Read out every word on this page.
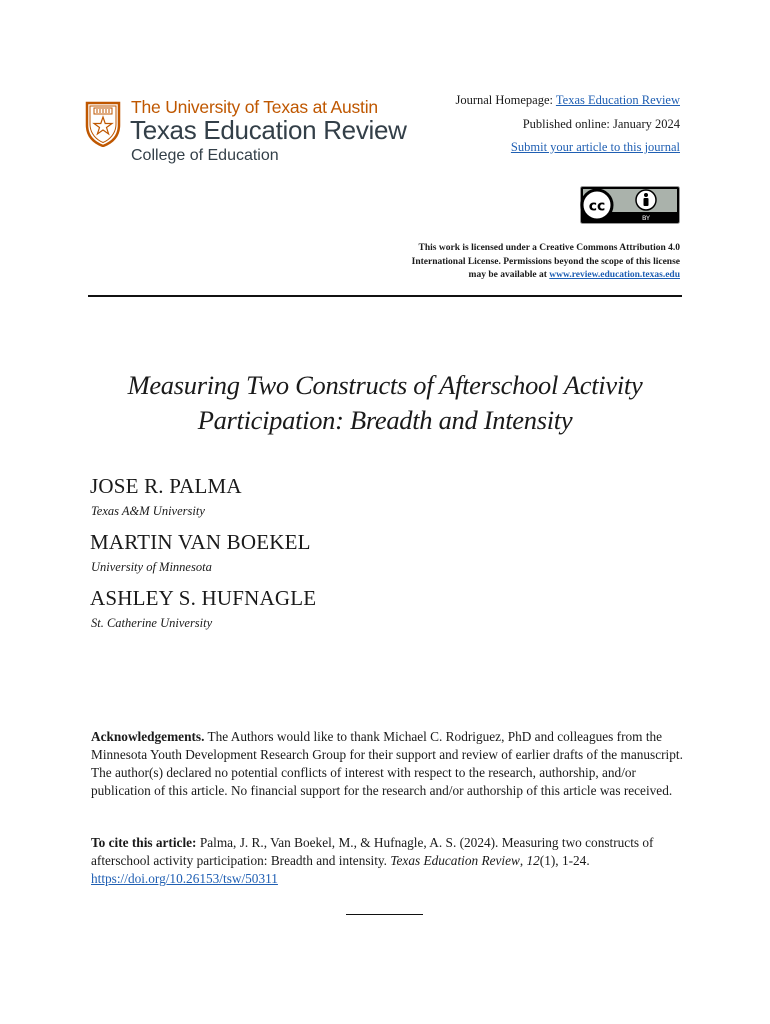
The University of Texas at Austin
Texas Education Review
College of Education
Journal Homepage: Texas Education Review
Published online: January 2024
Submit your article to this journal
cc
BY
This work is licensed under a Creative Commons Attribution 4.0
International License. Permissions beyond the scope of this license
may be available at www.review.education.texas.edu
Measuring Two Constructs of Afterschool Activity
Participation: Breadth and Intensity
JOSE R. PALMA
Texas A&M University
MARTIN VAN BOEKEL
University of Minnesota
ASHLEY S. HUFNAGLE
St. Catherine University
Acknowledgements. The Authors would like to thank Michael C. Rodriguez, PhD and colleagues from the Minnesota Youth Development Research Group for their support and review of earlier drafts of the manuscript. The author(s) declared no potential conflicts of interest with respect to the research, authorship, and/or publication of this article. No financial support for the research and/or authorship of this article was received.
To cite this article: Palma, J. R., Van Boekel, M., & Hufnagle, A. S. (2024). Measuring two constructs of afterschool activity participation: Breadth and intensity. Texas Education Review, 12(1), 1-24. https://doi.org/10.26153/tsw/50311
